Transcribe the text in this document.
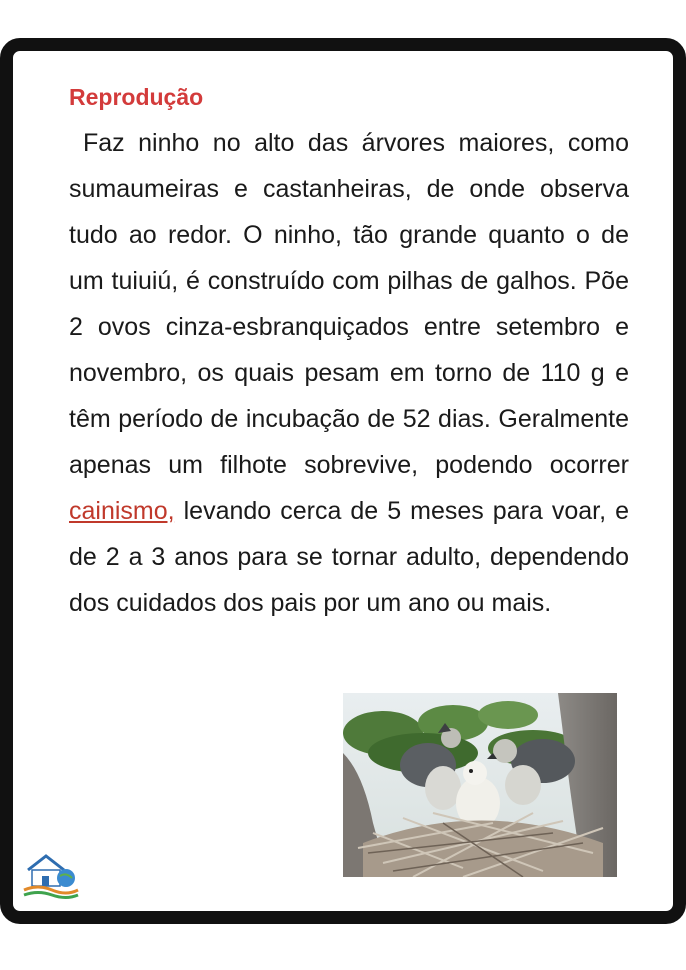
Reprodução

Faz ninho no alto das árvores maiores, como sumaumeiras e castanheiras, de onde observa tudo ao redor. O ninho, tão grande quanto o de um tuiuiú, é construído com pilhas de galhos. Põe 2 ovos cinza-esbranquiçados entre setembro e novembro, os quais pesam em torno de 110 g e têm período de incubação de 52 dias. Geralmente apenas um filhote sobrevive, podendo ocorrer cainismo, levando cerca de 5 meses para voar, e de 2 a 3 anos para se tornar adulto, dependendo dos cuidados dos pais por um ano ou mais.
